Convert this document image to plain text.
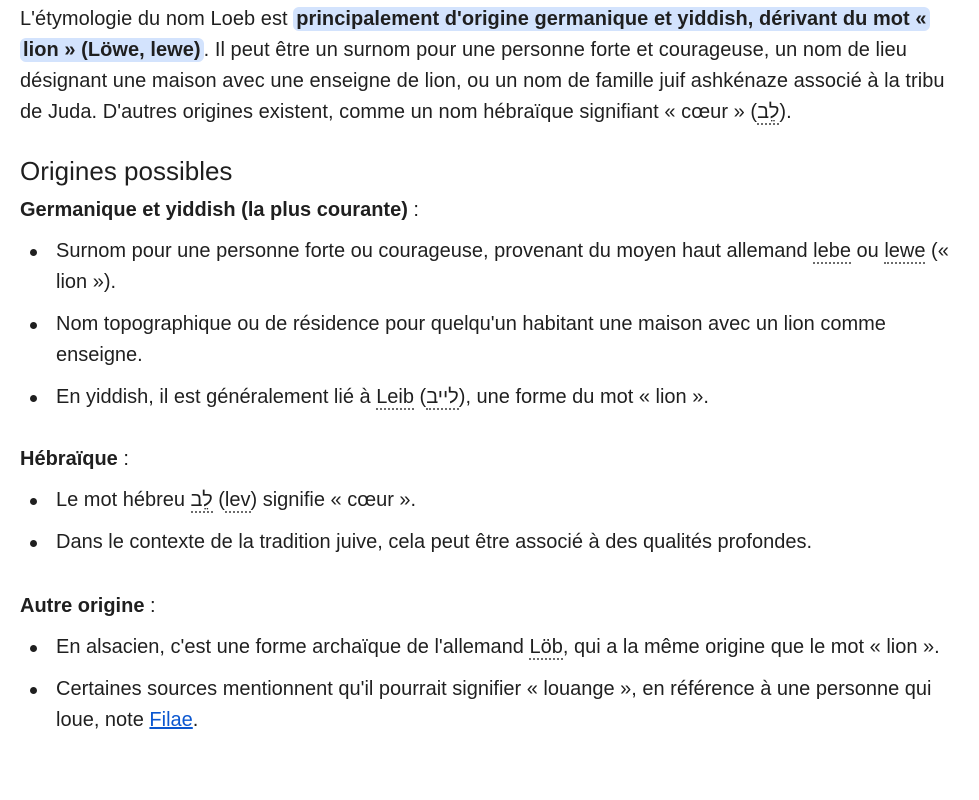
L'étymologie du nom Loeb est principalement d'origine germanique et yiddish, dérivant du mot « lion » (Löwe, lewe) . Il peut être un surnom pour une personne forte et courageuse, un nom de lieu désignant une maison avec une enseigne de lion, ou un nom de famille juif ashkénaze associé à la tribu de Juda. D'autres origines existent, comme un nom hébraïque signifiant « cœur » (לֵב).

Origines possibles

Germanique et yiddish (la plus courante) :

Surnom pour une personne forte ou courageuse, provenant du moyen haut allemand lebe ou lewe (« lion »).
Nom topographique ou de résidence pour quelqu'un habitant une maison avec un lion comme enseigne.
En yiddish, il est généralement lié à Leib (לייב), une forme du mot « lion ».

Hébraïque :

Le mot hébreu לֵב (lev) signifie « cœur ».
Dans le contexte de la tradition juive, cela peut être associé à des qualités profondes.

Autre origine :

En alsacien, c'est une forme archaïque de l'allemand Löb, qui a la même origine que le mot « lion ».
Certaines sources mentionnent qu'il pourrait signifier « louange », en référence à une personne qui loue, note Filae.
